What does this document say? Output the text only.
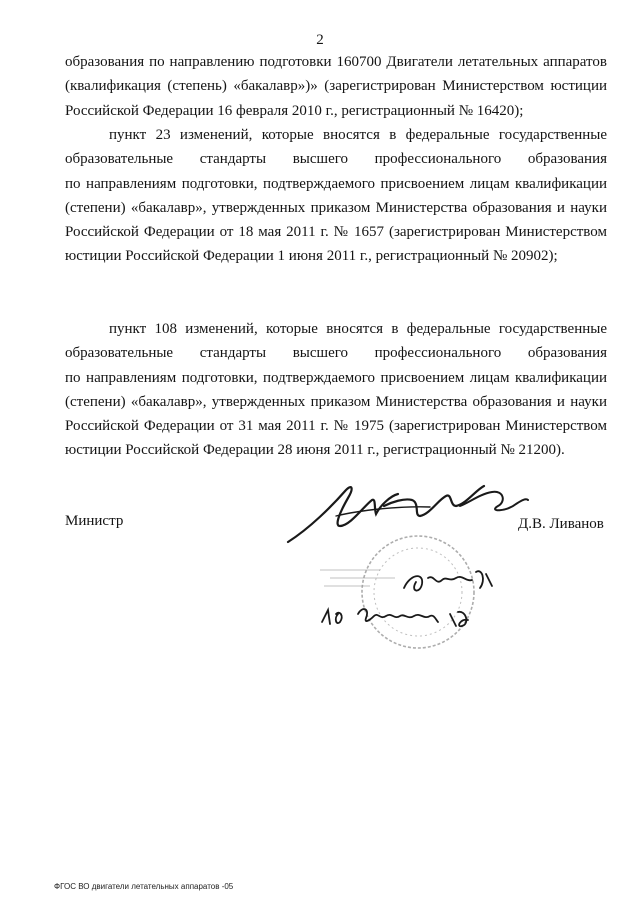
2

образования по направлению подготовки 160700 Двигатели летательных аппаратов
(квалификация (степень) «бакалавр»)» (зарегистрирован Министерством юстиции
Российской Федерации 16 февраля 2010 г., регистрационный № 16420);

пункт 23 изменений, которые вносятся в федеральные государственные
образовательные стандарты высшего профессионального образования
по направлениям подготовки, подтверждаемого присвоением лицам квалификации
(степени) «бакалавр», утвержденных приказом Министерства образования и науки
Российской Федерации от 18 мая 2011 г. № 1657 (зарегистрирован Министерством
юстиции Российской Федерации 1 июня 2011 г., регистрационный № 20902);

пункт 108 изменений, которые вносятся в федеральные государственные
образовательные стандарты высшего профессионального образования
по направлениям подготовки, подтверждаемого присвоением лицам квалификации
(степени) «бакалавр», утвержденных приказом Министерства образования и науки
Российской Федерации от 31 мая 2011 г. № 1975 (зарегистрирован Министерством
юстиции Российской Федерации 28 июня 2011 г., регистрационный № 21200).

Министр	Д.В. Ливанов
ФГОС ВО двигатели летательных аппаратов -05
